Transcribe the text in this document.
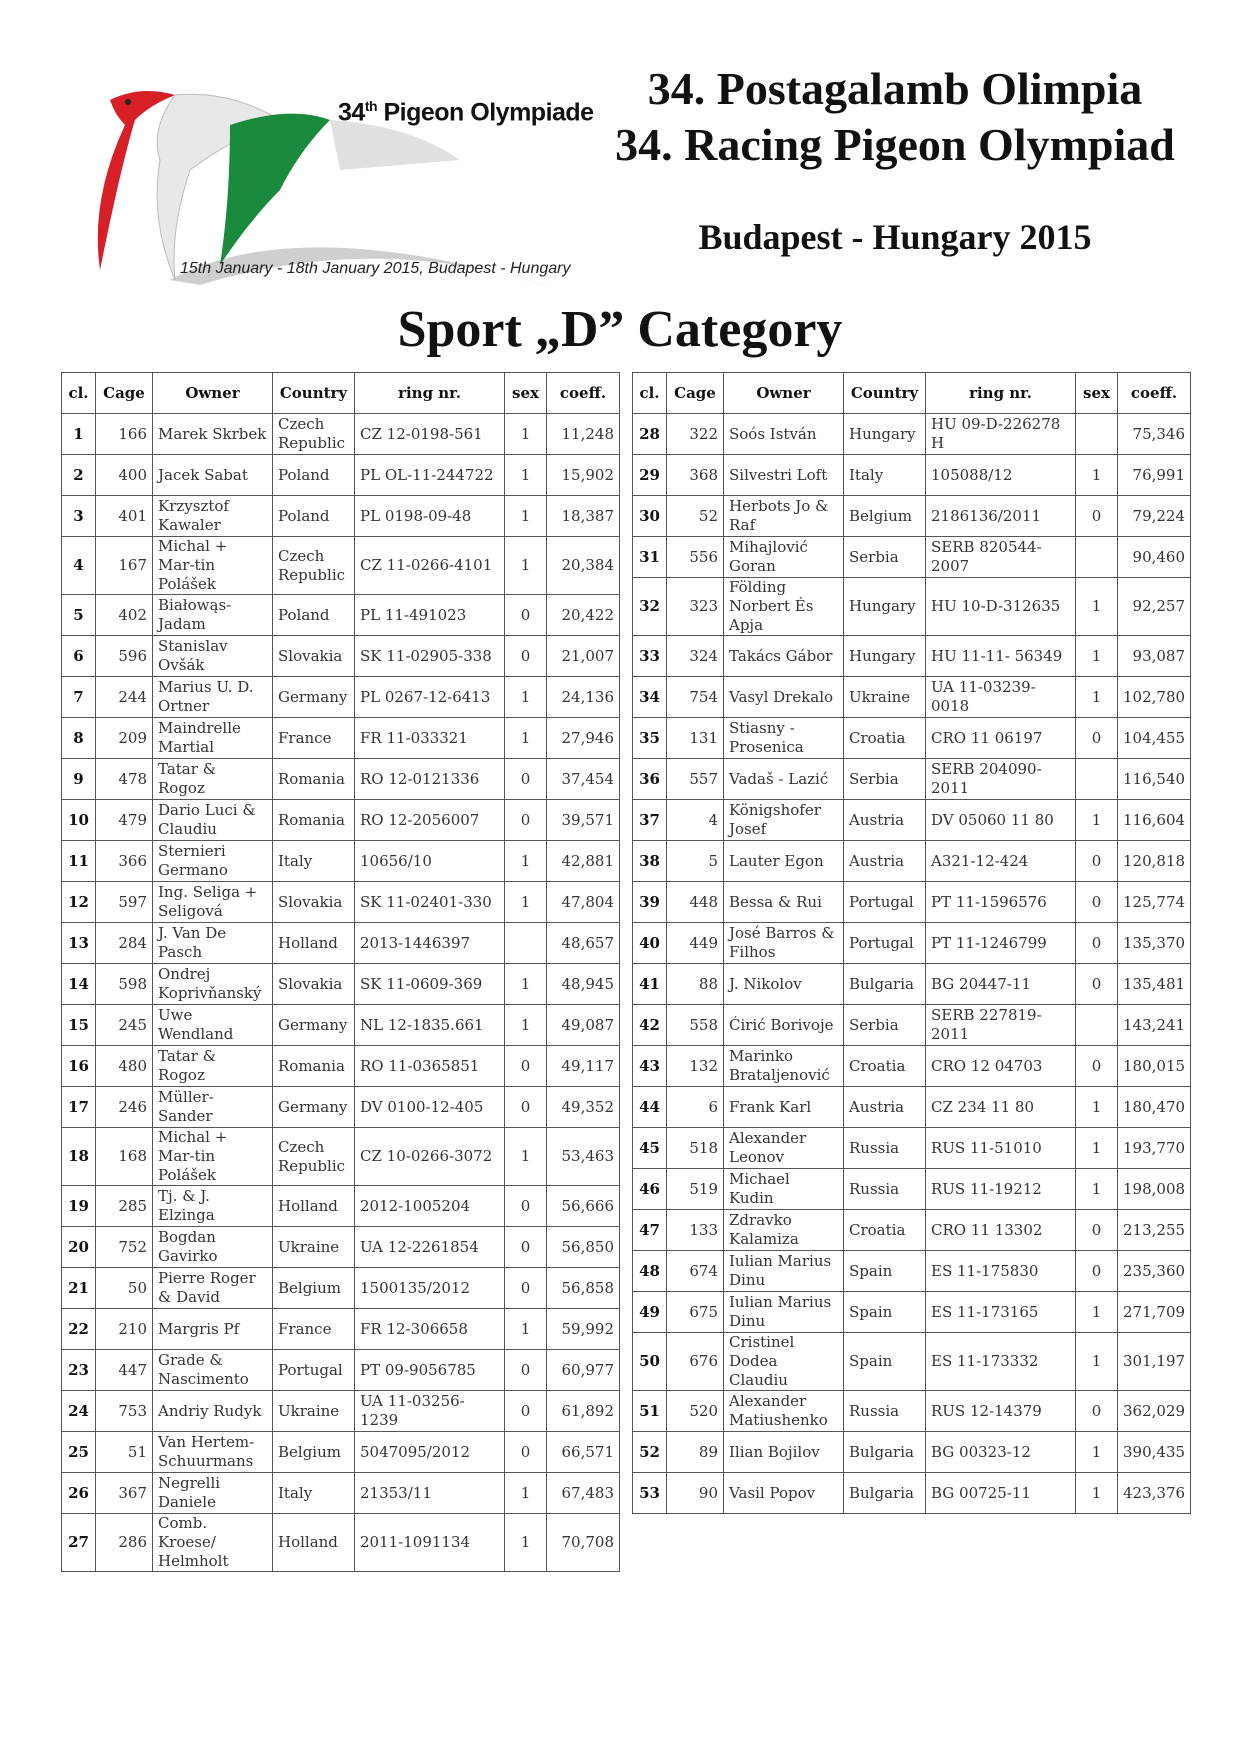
34th Pigeon Olympiade
15th January - 18th January 2015, Budapest - Hungary
34. Postagalamb Olimpia
34. Racing Pigeon Olympiad
Budapest - Hungary 2015
Sport „D” Category
cl.	Cage	Owner	Country	ring nr.	sex	coeff.
1	166	Marek Skrbek	Czech Republic	CZ 12-0198-561	1	11,248
2	400	Jacek Sabat	Poland	PL OL-11-244722	1	15,902
3	401	Krzysztof Kawaler	Poland	PL 0198-09-48	1	18,387
4	167	Michal + Mar-tin Polášek	Czech Republic	CZ 11-0266-4101	1	20,384
5	402	Białowąs-Jadam	Poland	PL 11-491023	0	20,422
6	596	Stanislav Ovšák	Slovakia	SK 11-02905-338	0	21,007
7	244	Marius U. D. Ortner	Germany	PL 0267-12-6413	1	24,136
8	209	Maindrelle Martial	France	FR 11-033321	1	27,946
9	478	Tatar & Rogoz	Romania	RO 12-0121336	0	37,454
10	479	Dario Luci & Claudiu	Romania	RO 12-2056007	0	39,571
11	366	Sternieri Germano	Italy	10656/10	1	42,881
12	597	Ing. Seliga + Seligová	Slovakia	SK 11-02401-330	1	47,804
13	284	J. Van De Pasch	Holland	2013-1446397		48,657
14	598	Ondrej Koprivňanský	Slovakia	SK 11-0609-369	1	48,945
15	245	Uwe Wendland	Germany	NL 12-1835.661	1	49,087
16	480	Tatar & Rogoz	Romania	RO 11-0365851	0	49,117
17	246	Müller-Sander	Germany	DV 0100-12-405	0	49,352
18	168	Michal + Mar-tin Polášek	Czech Republic	CZ 10-0266-3072	1	53,463
19	285	Tj. & J. Elzinga	Holland	2012-1005204	0	56,666
20	752	Bogdan Gavirko	Ukraine	UA 12-2261854	0	56,850
21	50	Pierre Roger & David	Belgium	1500135/2012	0	56,858
22	210	Margris Pf	France	FR 12-306658	1	59,992
23	447	Grade & Nascimento	Portugal	PT 09-9056785	0	60,977
24	753	Andriy Rudyk	Ukraine	UA 11-03256-1239	0	61,892
25	51	Van Hertem-Schuurmans	Belgium	5047095/2012	0	66,571
26	367	Negrelli Daniele	Italy	21353/11	1	67,483
27	286	Comb. Kroese/ Helmholt	Holland	2011-1091134	1	70,708
cl.	Cage	Owner	Country	ring nr.	sex	coeff.
28	322	Soós István	Hungary	HU 09-D-226278 H		75,346
29	368	Silvestri Loft	Italy	105088/12	1	76,991
30	52	Herbots Jo & Raf	Belgium	2186136/2011	0	79,224
31	556	Mihajlović Goran	Serbia	SERB 820544-2007		90,460
32	323	Földing Norbert És Apja	Hungary	HU 10-D-312635	1	92,257
33	324	Takács Gábor	Hungary	HU 11-11- 56349	1	93,087
34	754	Vasyl Drekalo	Ukraine	UA 11-03239-0018	1	102,780
35	131	Stiasny - Prosenica	Croatia	CRO 11 06197	0	104,455
36	557	Vadaš - Lazić	Serbia	SERB 204090-2011		116,540
37	4	Königshofer Josef	Austria	DV 05060 11 80	1	116,604
38	5	Lauter Egon	Austria	A321-12-424	0	120,818
39	448	Bessa & Rui	Portugal	PT 11-1596576	0	125,774
40	449	José Barros & Filhos	Portugal	PT 11-1246799	0	135,370
41	88	J. Nikolov	Bulgaria	BG 20447-11	0	135,481
42	558	Ćirić Borivoje	Serbia	SERB 227819-2011		143,241
43	132	Marinko Brataljenović	Croatia	CRO 12 04703	0	180,015
44	6	Frank Karl	Austria	CZ 234 11 80	1	180,470
45	518	Alexander Leonov	Russia	RUS 11-51010	1	193,770
46	519	Michael Kudin	Russia	RUS 11-19212	1	198,008
47	133	Zdravko Kalamiza	Croatia	CRO 11 13302	0	213,255
48	674	Iulian Marius Dinu	Spain	ES 11-175830	0	235,360
49	675	Iulian Marius Dinu	Spain	ES 11-173165	1	271,709
50	676	Cristinel Dodea Claudiu	Spain	ES 11-173332	1	301,197
51	520	Alexander Matiushenko	Russia	RUS 12-14379	0	362,029
52	89	Ilian Bojilov	Bulgaria	BG 00323-12	1	390,435
53	90	Vasil Popov	Bulgaria	BG 00725-11	1	423,376
